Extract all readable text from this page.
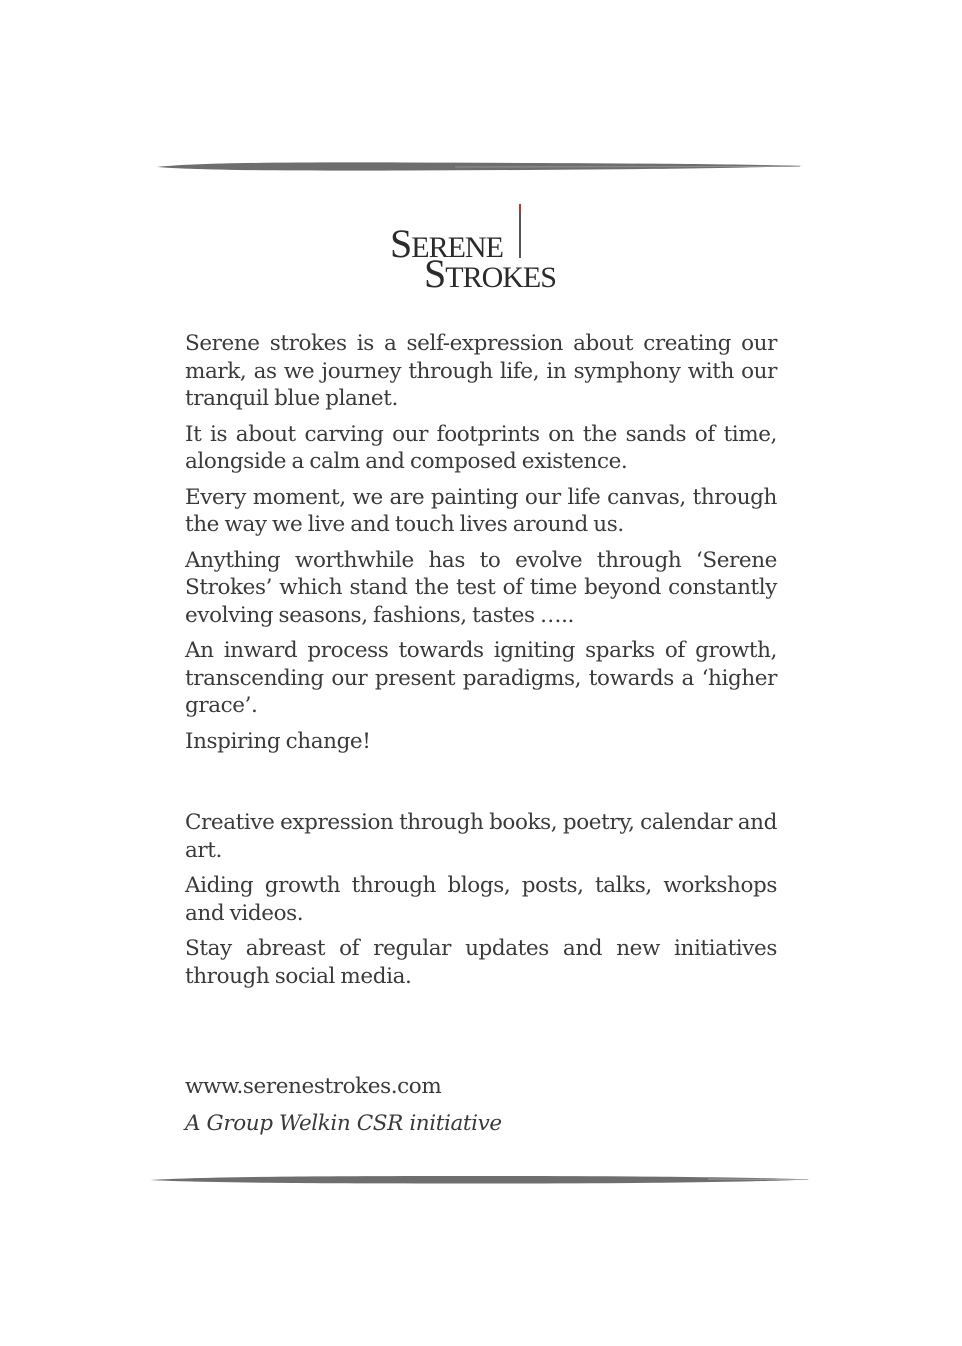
SERENE
STROKES

Serene strokes is a self-expression about creating our mark, as we journey through life, in symphony with our tranquil blue planet.

It is about carving our footprints on the sands of time, alongside a calm and composed existence.

Every moment, we are painting our life canvas, through the way we live and touch lives around us.

Anything worthwhile has to evolve through ‘Serene Strokes’ which stand the test of time beyond constantly evolving seasons, fashions, tastes …..

An inward process towards igniting sparks of growth, transcending our present paradigms, towards a ‘higher grace’.

Inspiring change!

Creative expression through books, poetry, calendar and art.

Aiding growth through blogs, posts, talks, workshops and videos.

Stay abreast of regular updates and new initiatives through social media.

www.serenestrokes.com

A Group Welkin CSR initiative
